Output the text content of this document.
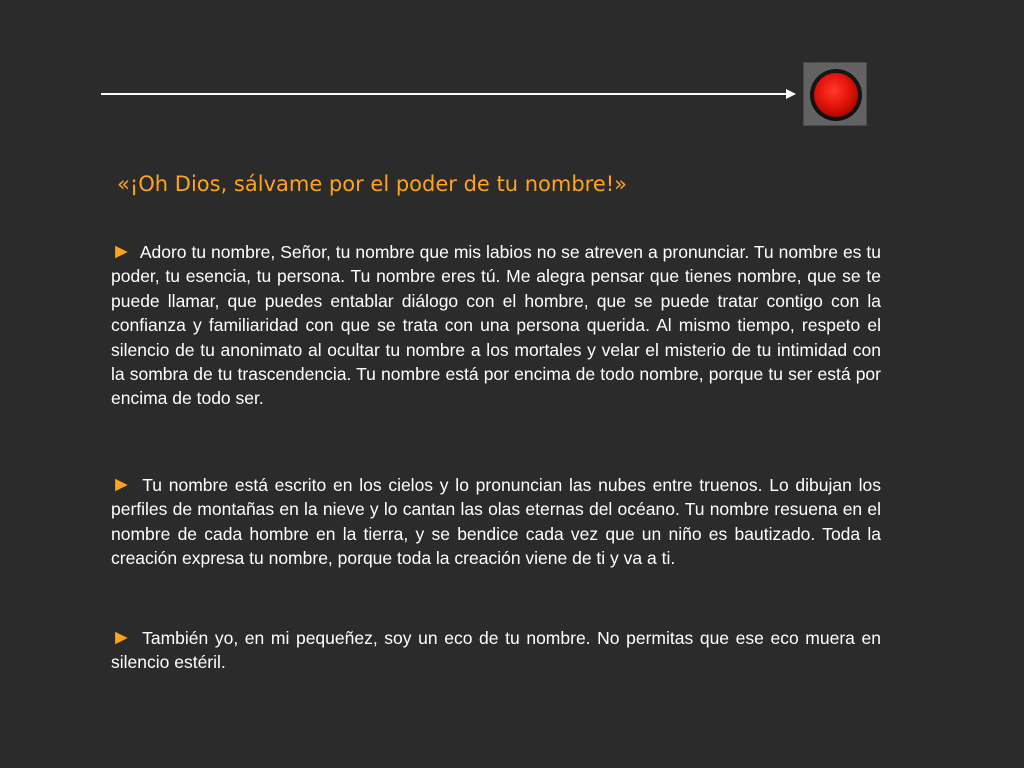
«¡Oh Dios, sálvame por el poder de tu nombre!»

► Adoro tu nombre, Señor, tu nombre que mis labios no se atreven a pronunciar. Tu nombre es tu poder, tu esencia, tu persona. Tu nombre eres tú. Me alegra pensar que tienes nombre, que se te puede llamar, que puedes entablar diálogo con el hombre, que se puede tratar contigo con la confianza y familiaridad con que se trata con una persona querida. Al mismo tiempo, respeto el silencio de tu anonimato al ocultar tu nombre a los mortales y velar el misterio de tu intimidad con la sombra de tu trascendencia. Tu nombre está por encima de todo nombre, porque tu ser está por encima de todo ser.

► Tu nombre está escrito en los cielos y lo pronuncian las nubes entre truenos. Lo dibujan los perfiles de montañas en la nieve y lo cantan las olas eternas del océano. Tu nombre resuena en el nombre de cada hombre en la tierra, y se bendice cada vez que un niño es bautizado. Toda la creación expresa tu nombre, porque toda la creación viene de ti y va a ti.

► También yo, en mi pequeñez, soy un eco de tu nombre. No permitas que ese eco muera en silencio estéril.
